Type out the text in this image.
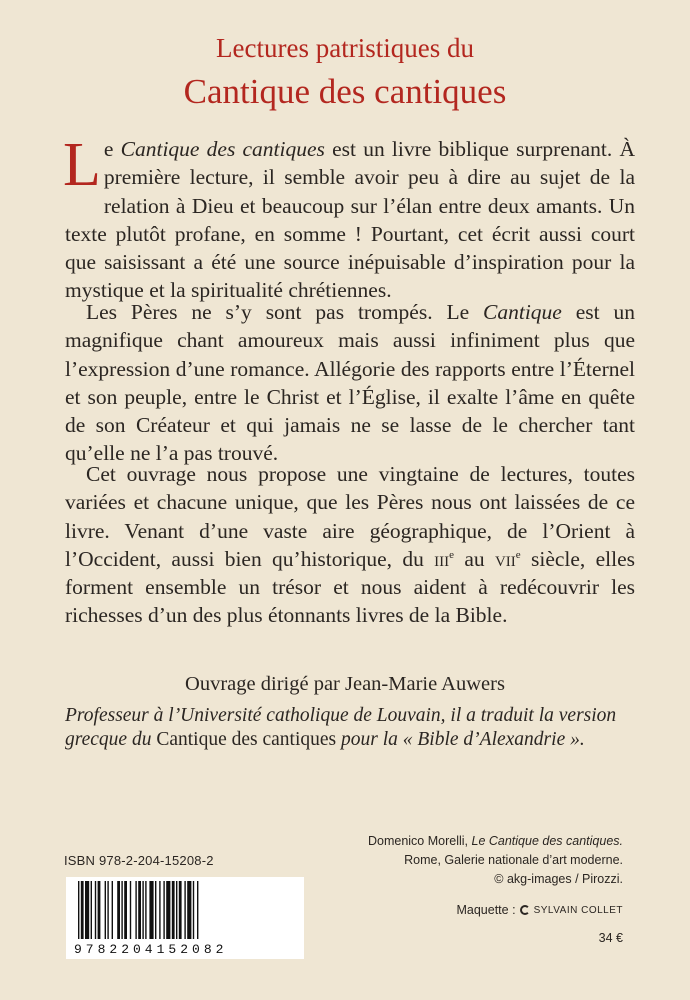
Lectures patristiques du
Cantique des cantiques

Le Cantique des cantiques est un livre biblique surprenant. À première lecture, il semble avoir peu à dire au sujet de la relation à Dieu et beaucoup sur l’élan entre deux amants. Un texte plutôt profane, en somme ! Pourtant, cet écrit aussi court que saisissant a été une source inépuisable d’inspiration pour la mystique et la spiritualité chrétiennes.

Les Pères ne s’y sont pas trompés. Le Cantique est un magnifique chant amoureux mais aussi infiniment plus que l’expression d’une romance. Allégorie des rapports entre l’Éternel et son peuple, entre le Christ et l’Église, il exalte l’âme en quête de son Créateur et qui jamais ne se lasse de le chercher tant qu’elle ne l’a pas trouvé.

Cet ouvrage nous propose une vingtaine de lectures, toutes variées et chacune unique, que les Pères nous ont laissées de ce livre. Venant d’une vaste aire géographique, de l’Orient à l’Occident, aussi bien qu’historique, du iii$^e$ au vii$^e$ siècle, elles forment ensemble un trésor et nous aident à redécouvrir les richesses d’un des plus étonnants livres de la Bible.

Ouvrage dirigé par Jean-Marie Auwers
Professeur à l’Université catholique de Louvain, il a traduit la version grecque du Cantique des cantiques pour la « Bible d’Alexandrie ».
Domenico Morelli, Le Cantique des cantiques.
Rome, Galerie nationale d’art moderne.
© akg-images / Pirozzi.
ISBN 978-2-204-15208-2
9782204152082
Maquette : SYLVAIN COLLET
34 €
